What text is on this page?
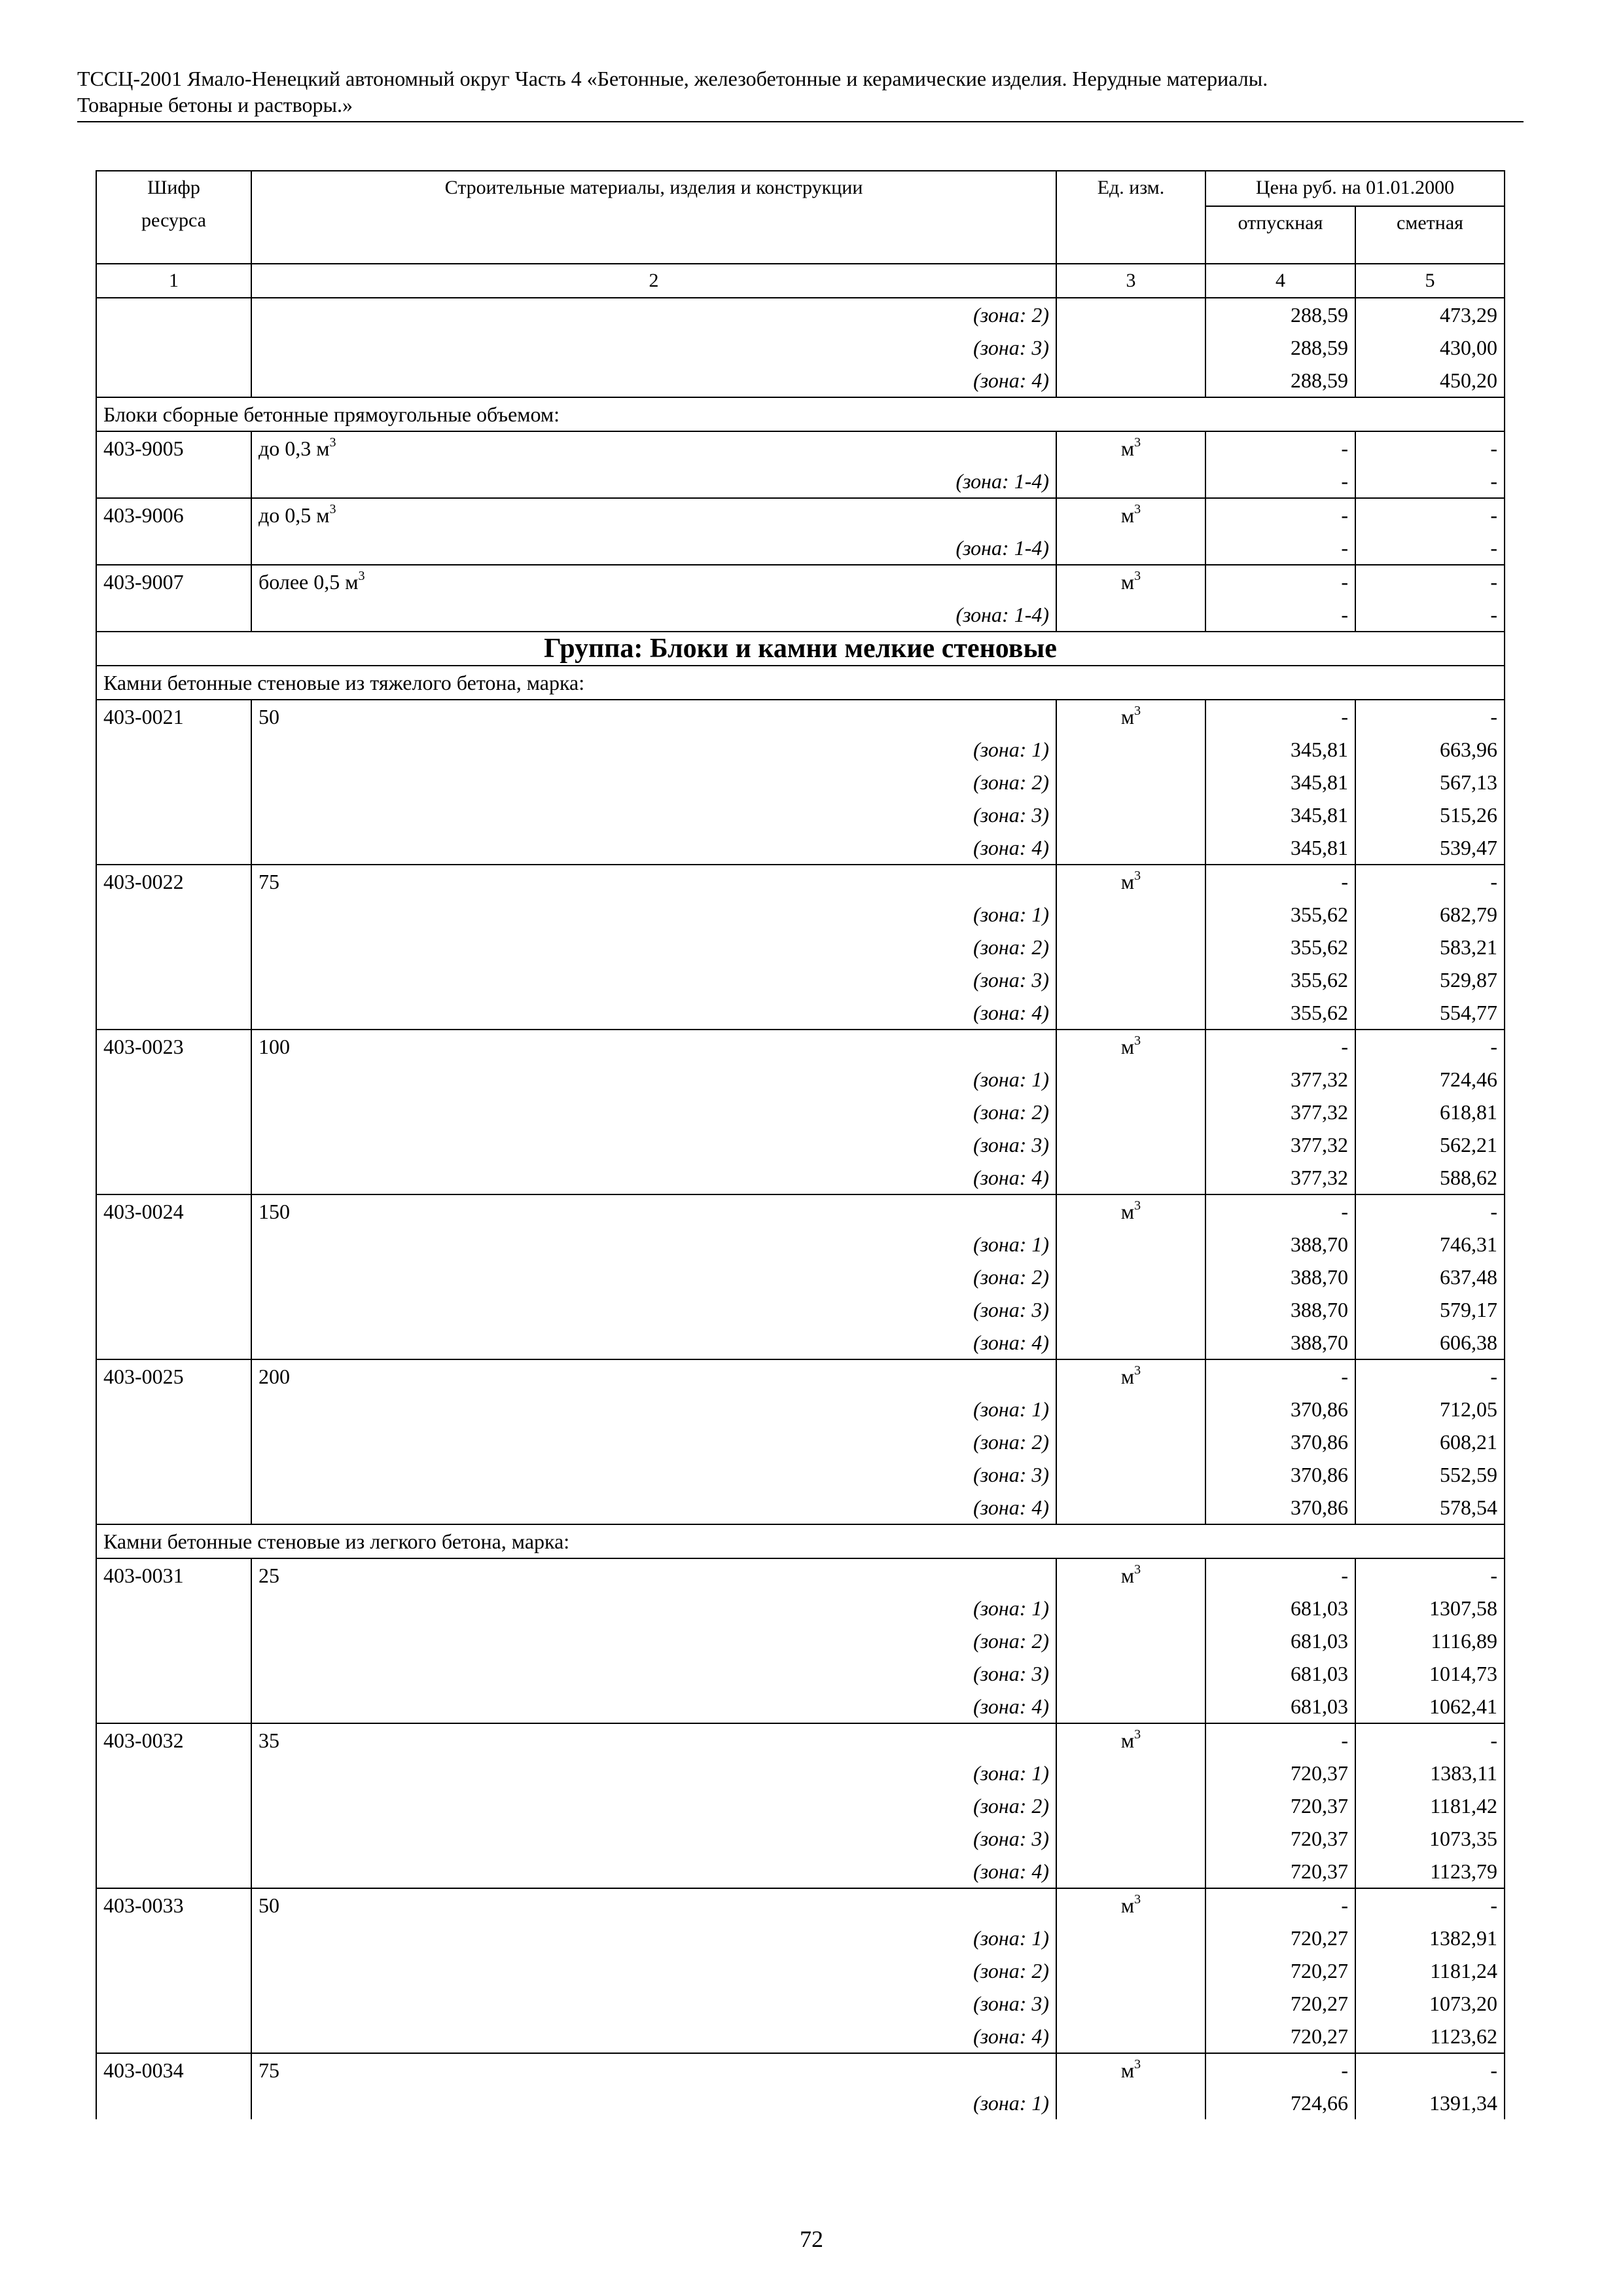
ТССЦ-2001 Ямало-Ненецкий автономный округ Часть 4 «Бетонные, железобетонные и керамические изделия. Нерудные материалы.
Товарные бетоны и растворы.»
Шифр ресурса	Строительные материалы, изделия и конструкции	Ед. изм.	Цена руб. на 01.01.2000	
			отпускная	сметная
1	2	3	4	5
	(зона: 2)		288,59	473,29
	(зона: 3)		288,59	430,00
	(зона: 4)		288,59	450,20
Блоки сборные бетонные прямоугольные объемом:				
403-9005	до 0,3 $м^3$	$м^3$	-	-
	(зона: 1-4)		-	-
403-9006	до 0,5 $м^3$	$м^3$	-	-
	(зона: 1-4)		-	-
403-9007	более 0,5 $м^3$	$м^3$	-	-
	(зона: 1-4)		-	-
Группа: Блоки и камни мелкие стеновые				
Камни бетонные стеновые из тяжелого бетона, марка:				
403-0021	50	$м^3$	-	-
	(зона: 1)		345,81	663,96
	(зона: 2)		345,81	567,13
	(зона: 3)		345,81	515,26
	(зона: 4)		345,81	539,47
403-0022	75	$м^3$	-	-
	(зона: 1)		355,62	682,79
	(зона: 2)		355,62	583,21
	(зона: 3)		355,62	529,87
	(зона: 4)		355,62	554,77
403-0023	100	$м^3$	-	-
	(зона: 1)		377,32	724,46
	(зона: 2)		377,32	618,81
	(зона: 3)		377,32	562,21
	(зона: 4)		377,32	588,62
403-0024	150	$м^3$	-	-
	(зона: 1)		388,70	746,31
	(зона: 2)		388,70	637,48
	(зона: 3)		388,70	579,17
	(зона: 4)		388,70	606,38
403-0025	200	$м^3$	-	-
	(зона: 1)		370,86	712,05
	(зона: 2)		370,86	608,21
	(зона: 3)		370,86	552,59
	(зона: 4)		370,86	578,54
Камни бетонные стеновые из легкого бетона, марка:				
403-0031	25	$м^3$	-	-
	(зона: 1)		681,03	1307,58
	(зона: 2)		681,03	1116,89
	(зона: 3)		681,03	1014,73
	(зона: 4)		681,03	1062,41
403-0032	35	$м^3$	-	-
	(зона: 1)		720,37	1383,11
	(зона: 2)		720,37	1181,42
	(зона: 3)		720,37	1073,35
	(зона: 4)		720,37	1123,79
403-0033	50	$м^3$	-	-
	(зона: 1)		720,27	1382,91
	(зона: 2)		720,27	1181,24
	(зона: 3)		720,27	1073,20
	(зона: 4)		720,27	1123,62
403-0034	75	$м^3$	-	-
	(зона: 1)		724,66	1391,34
72
